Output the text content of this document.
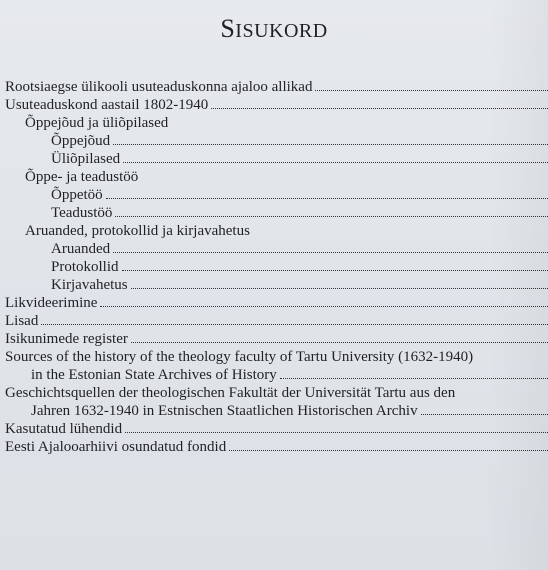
SISUKORD
Rootsiaegse ülikooli usuteaduskonna ajaloo allikad
Usuteaduskond aastail 1802-1940
Õppejõud ja üliõpilased
Õppejõud
Üliõpilased
Õppe- ja teadustöö
Õppetöö
Teadustöö
Aruanded, protokollid ja kirjavahetus
Aruanded
Protokollid
Kirjavahetus
Likvideerimine
Lisad
Isikunimede register
Sources of the history of the theology faculty of Tartu University (1632-1940)
in the Estonian State Archives of History
Geschichtsquellen der theologischen Fakultät der Universität Tartu aus den
Jahren 1632-1940 in Estnischen Staatlichen Historischen Archiv
Kasutatud lühendid
Eesti Ajalooarhiivi osundatud fondid
